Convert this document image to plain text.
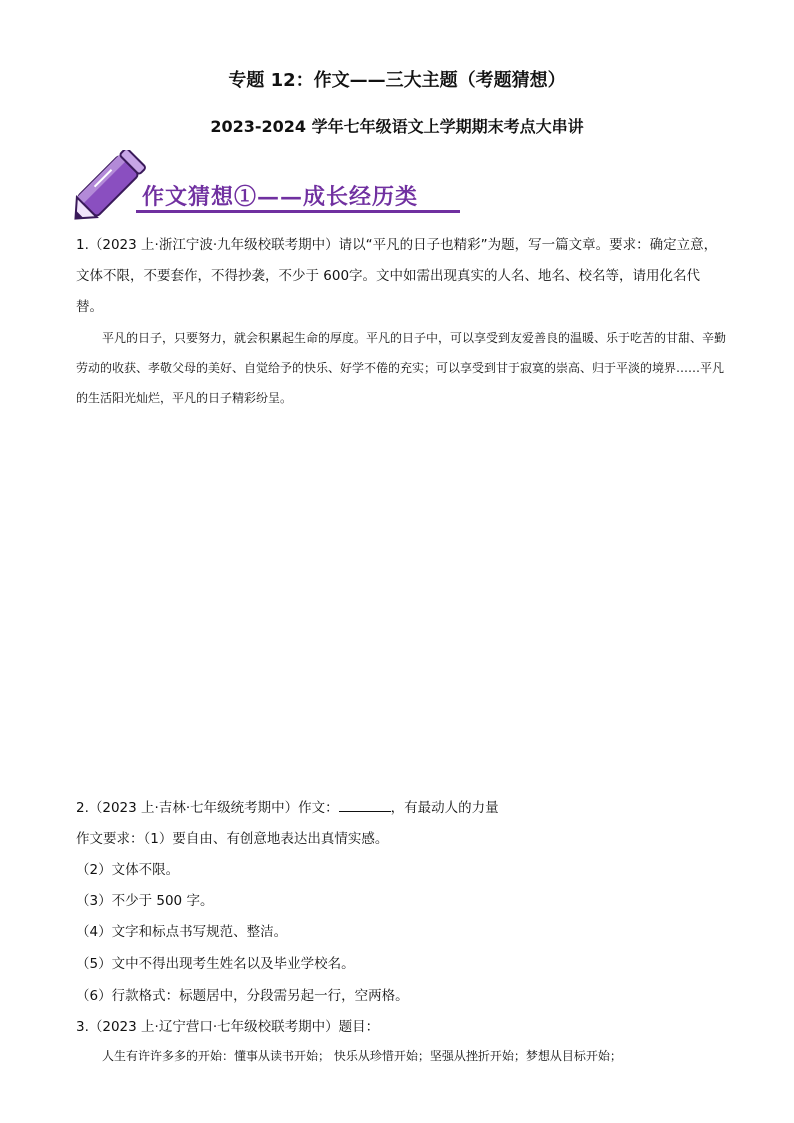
专题 12：作文——三大主题（考题猜想）
2023-2024 学年七年级语文上学期期末考点大串讲
作文猜想①——成长经历类
1.（2023 上·浙江宁波·九年级校联考期中）请以“平凡的日子也精彩”为题，写一篇文章。要求：确定立意，文体不限，不要套作，不得抄袭，不少于 600字。文中如需出现真实的人名、地名、校名等，请用化名代替。
平凡的日子，只要努力，就会积累起生命的厚度。平凡的日子中，可以享受到友爱善良的温暖、乐于吃苦的甘甜、辛勤劳动的收获、孝敬父母的美好、自觉给予的快乐、好学不倦的充实；可以享受到甘于寂寞的崇高、归于平淡的境界……平凡的生活阳光灿烂，平凡的日子精彩纷呈。
2.（2023 上·吉林·七年级统考期中）作文：	，有最动人的力量
作文要求：（1）要自由、有创意地表达出真情实感。
（2）文体不限。
（3）不少于 500 字。
（4）文字和标点书写规范、整洁。
（5）文中不得出现考生姓名以及毕业学校名。
（6）行款格式：标题居中，分段需另起一行，空两格。
3.（2023 上·辽宁营口·七年级校联考期中）题目：
人生有许许多多的开始：懂事从读书开始； 快乐从珍惜开始；坚强从挫折开始；梦想从目标开始；
